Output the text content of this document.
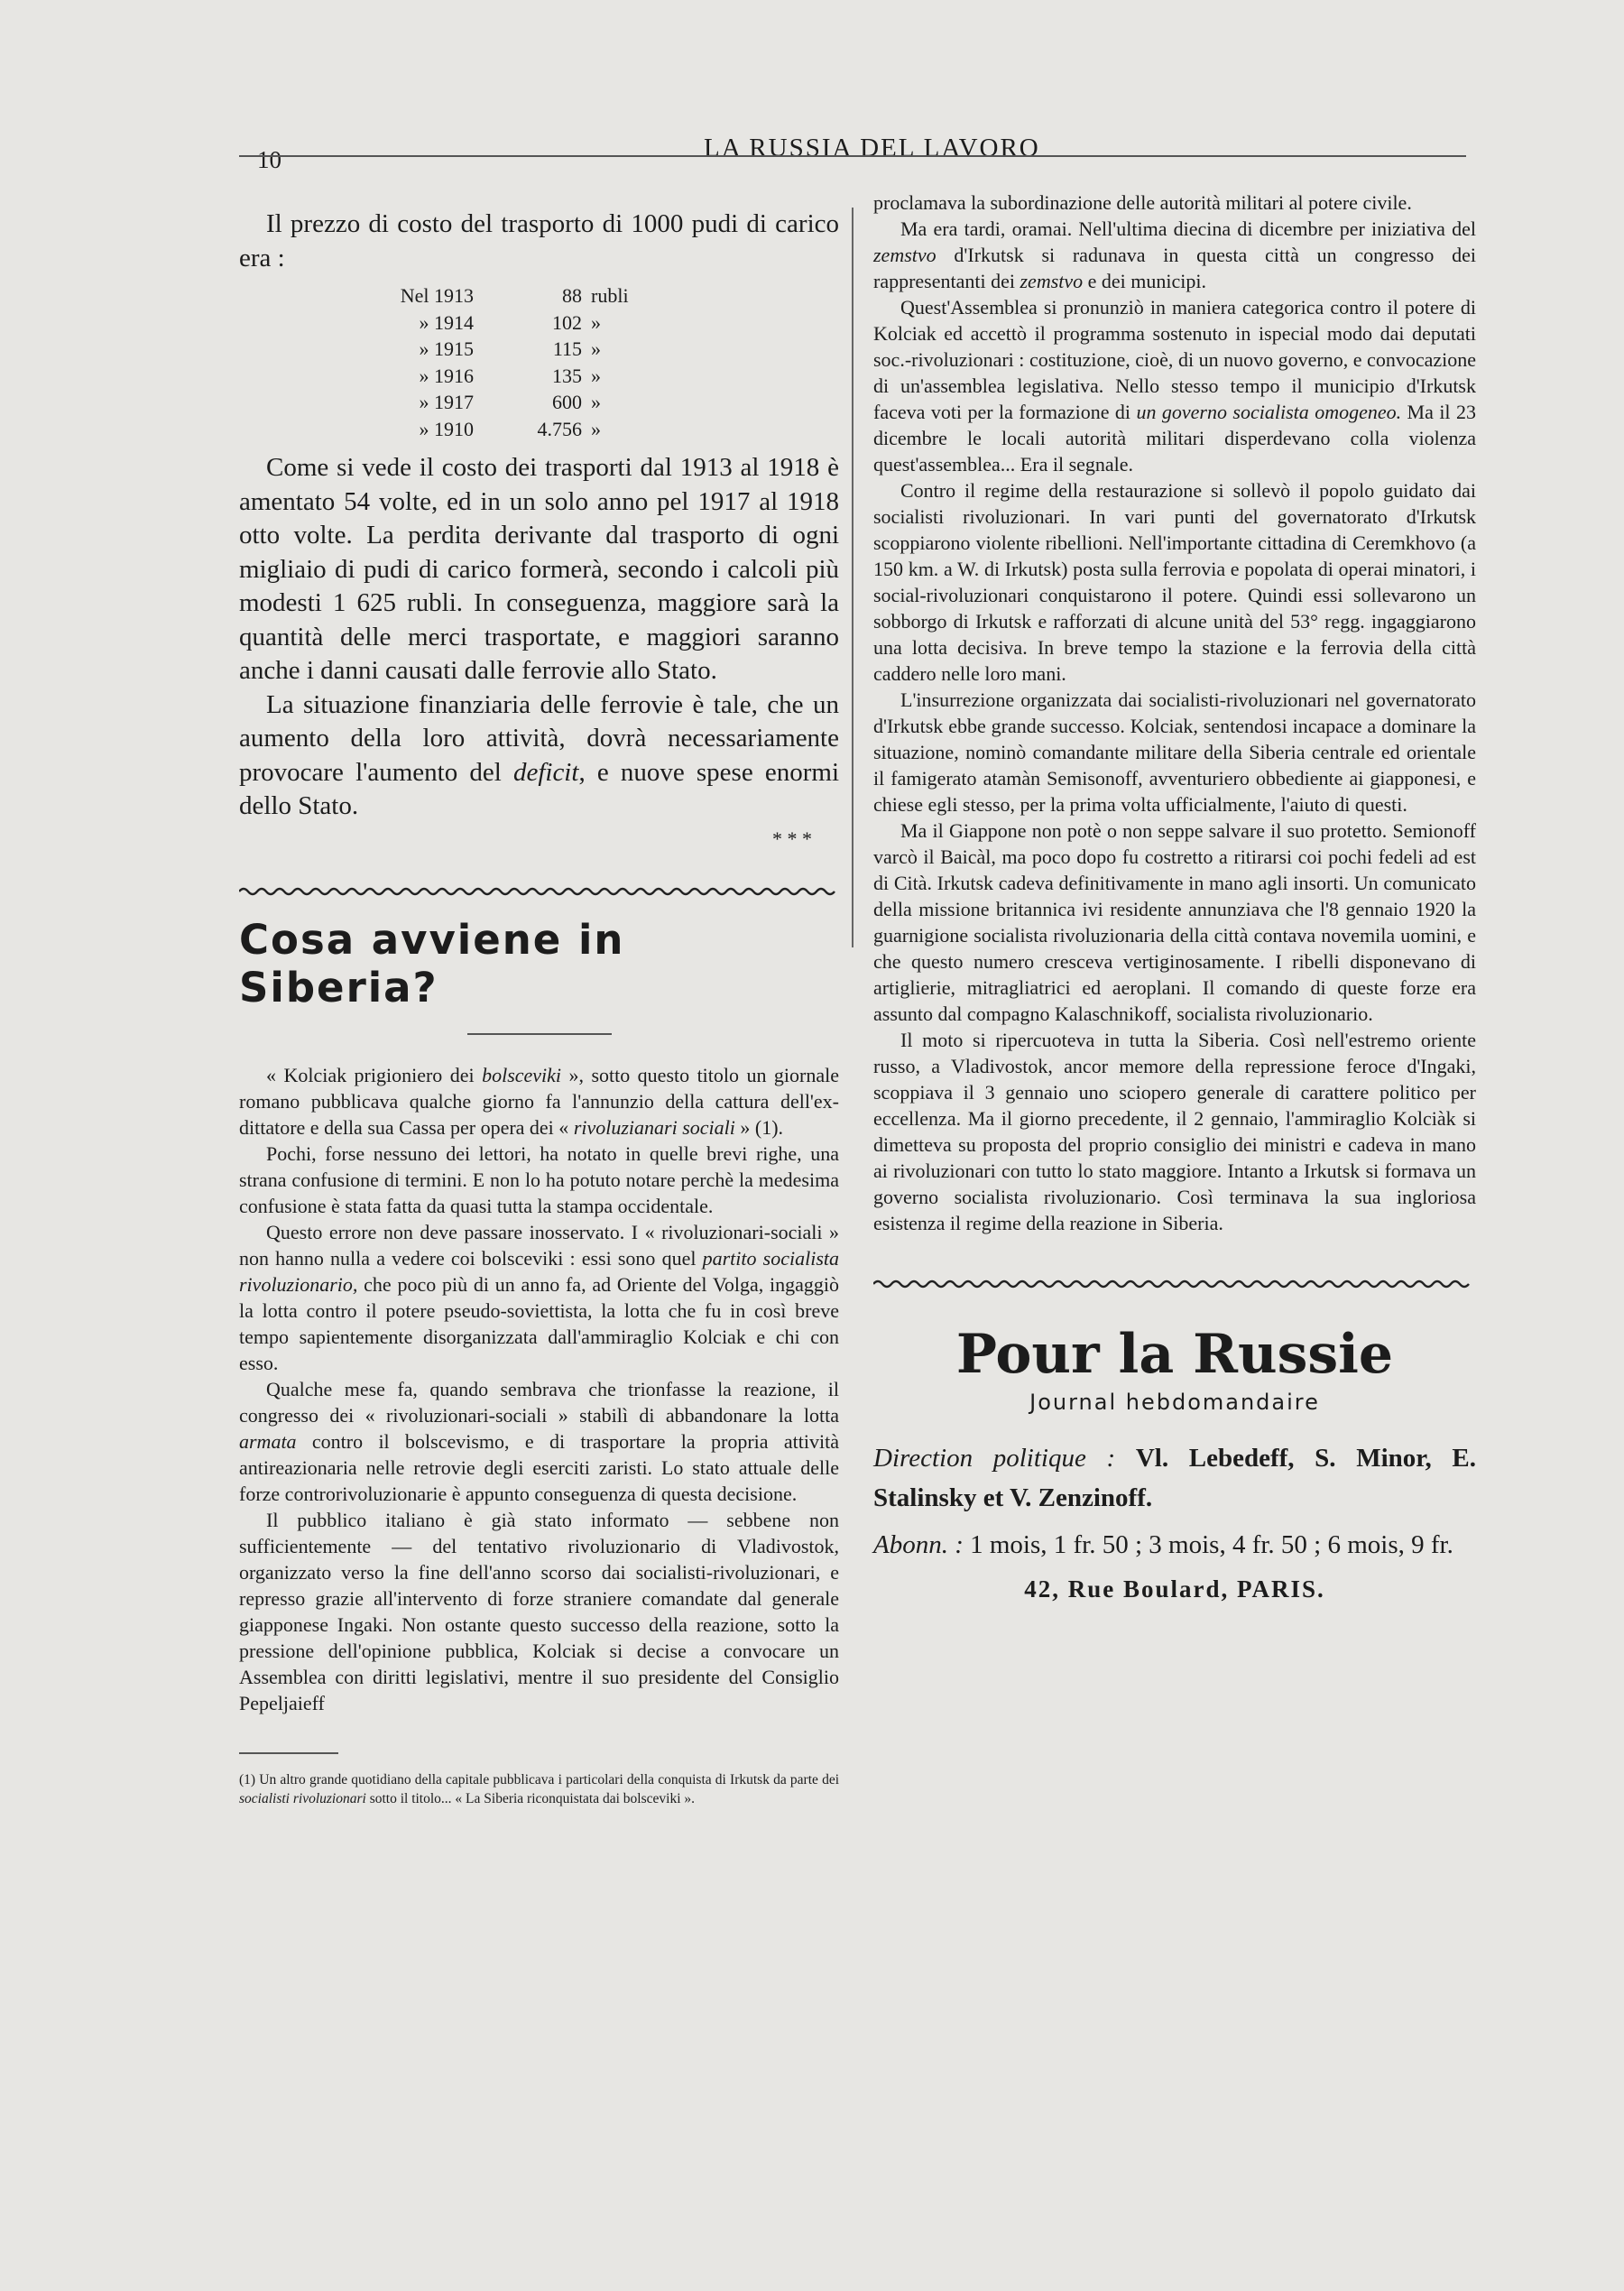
10	LA RUSSIA DEL LAVORO

Il prezzo di costo del trasporto di 1000 pudi di carico era :

Nel 1913	88 rubli
» 1914	102 »
» 1915	115 »
» 1916	135 »
» 1917	600 »
» 1910	4.756 »

Come si vede il costo dei trasporti dal 1913 al 1918 è amentato 54 volte, ed in un solo anno pel 1917 al 1918 otto volte. La perdita derivante dal trasporto di ogni migliaio di pudi di carico formerà, secondo i calcoli più modesti 1 625 rubli. In conseguenza, maggiore sarà la quantità delle merci trasportate, e maggiori saranno anche i danni causati dalle ferrovie allo Stato.

La situazione finanziaria delle ferrovie è tale, che un aumento della loro attività, dovrà necessariamente provocare l'aumento del deficit, e nuove spese enormi dello Stato.

* * *
Cosa avviene in Siberia?

« Kolciak prigioniero dei bolsceviki », sotto questo titolo un giornale romano pubblicava qualche giorno fa l'annunzio della cattura dell'ex-dittatore e della sua Cassa per opera dei « rivoluzianari sociali » (1).

Pochi, forse nessuno dei lettori, ha notato in quelle brevi righe, una strana confusione di termini. E non lo ha potuto notare perchè la medesima confusione è stata fatta da quasi tutta la stampa occidentale.

Questo errore non deve passare inosservato. I « rivoluzionari-sociali » non hanno nulla a vedere coi bolsceviki : essi sono quel partito socialista rivoluzionario, che poco più di un anno fa, ad Oriente del Volga, ingaggiò la lotta contro il potere pseudo-soviettista, la lotta che fu in così breve tempo sapientemente disorganizzata dall'ammiraglio Kolciak e chi con esso.

Qualche mese fa, quando sembrava che trionfasse la reazione, il congresso dei « rivoluzionari-sociali » stabilì di abbandonare la lotta armata contro il bolscevismo, e di trasportare la propria attività antireazionaria nelle retrovie degli eserciti zaristi. Lo stato attuale delle forze controrivoluzionarie è appunto conseguenza di questa decisione.

Il pubblico italiano è già stato informato — sebbene non sufficientemente — del tentativo rivoluzionario di Vladivostok, organizzato verso la fine dell'anno scorso dai socialisti-rivoluzionari, e represso grazie all'intervento di forze straniere comandate dal generale giapponese Ingaki. Non ostante questo successo della reazione, sotto la pressione dell'opinione pubblica, Kolciak si decise a convocare un Assemblea con diritti legislativi, mentre il suo presidente del Consiglio Pepeljaieff

(1) Un altro grande quotidiano della capitale pubblicava i particolari della conquista di Irkutsk da parte dei socialisti rivoluzionari sotto il titolo... « La Siberia riconquistata dai bolsceviki ».

proclamava la subordinazione delle autorità militari al potere civile.

Ma era tardi, oramai. Nell'ultima diecina di dicembre per iniziativa del zemstvo d'Irkutsk si radunava in questa città un congresso dei rappresentanti dei zemstvo e dei municipi.

Quest'Assemblea si pronunziò in maniera categorica contro il potere di Kolciak ed accettò il programma sostenuto in ispecial modo dai deputati soc.-rivoluzionari : costituzione, cioè, di un nuovo governo, e convocazione di un'assemblea legislativa. Nello stesso tempo il municipio d'Irkutsk faceva voti per la formazione di un governo socialista omogeneo. Ma il 23 dicembre le locali autorità militari disperdevano colla violenza quest'assemblea... Era il segnale.

Contro il regime della restaurazione si sollevò il popolo guidato dai socialisti rivoluzionari. In vari punti del governatorato d'Irkutsk scoppiarono violente ribellioni. Nell'importante cittadina di Ceremkhovo (a 150 km. a W. di Irkutsk) posta sulla ferrovia e popolata di operai minatori, i social-rivoluzionari conquistarono il potere. Quindi essi sollevarono un sobborgo di Irkutsk e rafforzati di alcune unità del 53° regg. ingaggiarono una lotta decisiva. In breve tempo la stazione e la ferrovia della città caddero nelle loro mani.

L'insurrezione organizzata dai socialisti-rivoluzionari nel governatorato d'Irkutsk ebbe grande successo. Kolciak, sentendosi incapace a dominare la situazione, nominò comandante militare della Siberia centrale ed orientale il famigerato atamàn Semisonoff, avventuriero obbediente ai giapponesi, e chiese egli stesso, per la prima volta ufficialmente, l'aiuto di questi.

Ma il Giappone non potè o non seppe salvare il suo protetto. Semionoff varcò il Baicàl, ma poco dopo fu costretto a ritirarsi coi pochi fedeli ad est di Cità. Irkutsk cadeva definitivamente in mano agli insorti. Un comunicato della missione britannica ivi residente annunziava che l'8 gennaio 1920 la guarnigione socialista rivoluzionaria della città contava novemila uomini, e che questo numero cresceva vertiginosamente. I ribelli disponevano di artiglierie, mitragliatrici ed aeroplani. Il comando di queste forze era assunto dal compagno Kalaschnikoff, socialista rivoluzionario.

Il moto si ripercuoteva in tutta la Siberia. Così nell'estremo oriente russo, a Vladivostok, ancor memore della repressione feroce d'Ingaki, scoppiava il 3 gennaio uno sciopero generale di carattere politico per eccellenza. Ma il giorno precedente, il 2 gennaio, l'ammiraglio Kolciàk si dimetteva su proposta del proprio consiglio dei ministri e cadeva in mano ai rivoluzionari con tutto lo stato maggiore. Intanto a Irkutsk si formava un governo socialista rivoluzionario. Così terminava la sua ingloriosa esistenza il regime della reazione in Siberia.

Pour la Russie
Journal hebdomandaire

Direction politique : Vl. Lebedeff, S. Minor, E. Stalinsky et V. Zenzinoff.

Abonn. : 1 mois, 1 fr. 50 ; 3 mois, 4 fr. 50 ; 6 mois, 9 fr.

42, Rue Boulard, PARIS.
